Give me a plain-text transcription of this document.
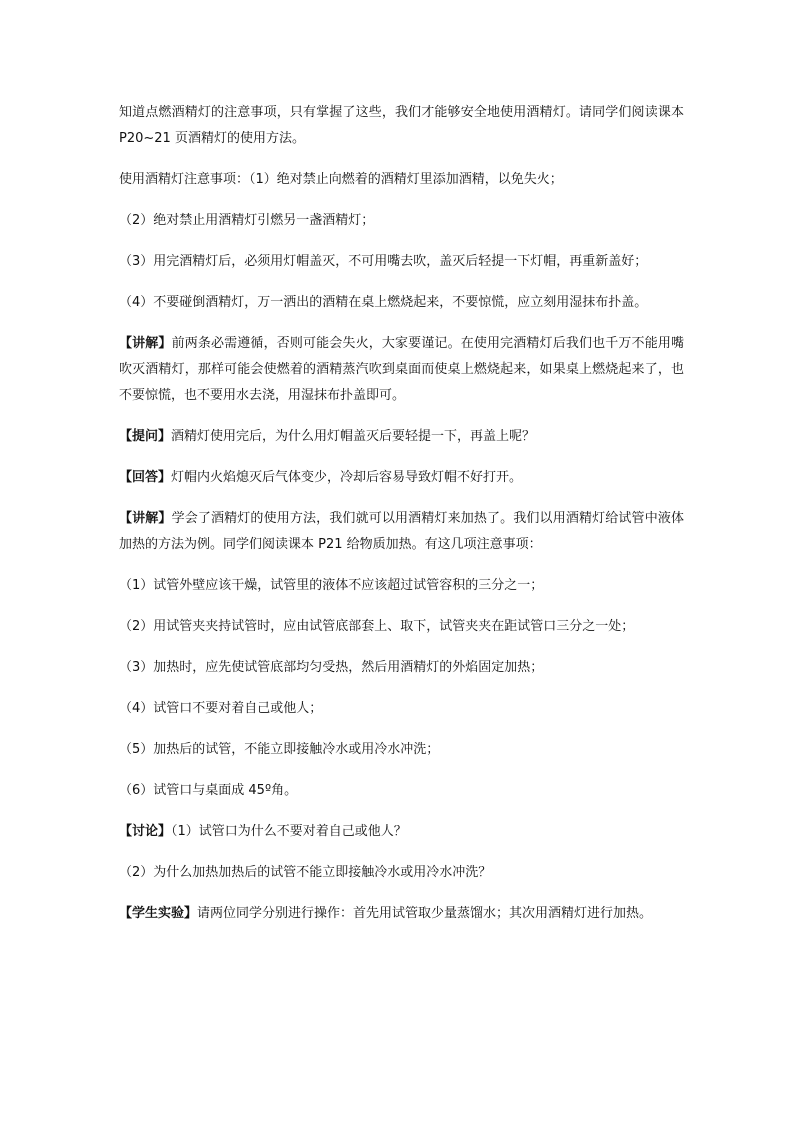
知道点燃酒精灯的注意事项，只有掌握了这些，我们才能够安全地使用酒精灯。请同学们阅读课本 P20~21 页酒精灯的使用方法。

使用酒精灯注意事项：（1）绝对禁止向燃着的酒精灯里添加酒精，以免失火；

（2）绝对禁止用酒精灯引燃另一盏酒精灯；

（3）用完酒精灯后，必须用灯帽盖灭，不可用嘴去吹，盖灭后轻提一下灯帽，再重新盖好；

（4）不要碰倒酒精灯，万一洒出的酒精在桌上燃烧起来，不要惊慌，应立刻用湿抹布扑盖。

【讲解】前两条必需遵循，否则可能会失火，大家要谨记。在使用完酒精灯后我们也千万不能用嘴吹灭酒精灯，那样可能会使燃着的酒精蒸汽吹到桌面而使桌上燃烧起来，如果桌上燃烧起来了，也不要惊慌，也不要用水去浇，用湿抹布扑盖即可。

【提问】酒精灯使用完后，为什么用灯帽盖灭后要轻提一下，再盖上呢？

【回答】灯帽内火焰熄灭后气体变少，冷却后容易导致灯帽不好打开。

【讲解】学会了酒精灯的使用方法，我们就可以用酒精灯来加热了。我们以用酒精灯给试管中液体加热的方法为例。同学们阅读课本 P21 给物质加热。有这几项注意事项：

（1）试管外壁应该干燥，试管里的液体不应该超过试管容积的三分之一；

（2）用试管夹夹持试管时，应由试管底部套上、取下，试管夹夹在距试管口三分之一处；

（3）加热时，应先使试管底部均匀受热，然后用酒精灯的外焰固定加热；

（4）试管口不要对着自己或他人；

（5）加热后的试管，不能立即接触冷水或用冷水冲洗；

（6）试管口与桌面成 45º角。

【讨论】（1）试管口为什么不要对着自己或他人？

（2）为什么加热加热后的试管不能立即接触冷水或用冷水冲洗？

【学生实验】请两位同学分别进行操作：首先用试管取少量蒸馏水；其次用酒精灯进行加热。
